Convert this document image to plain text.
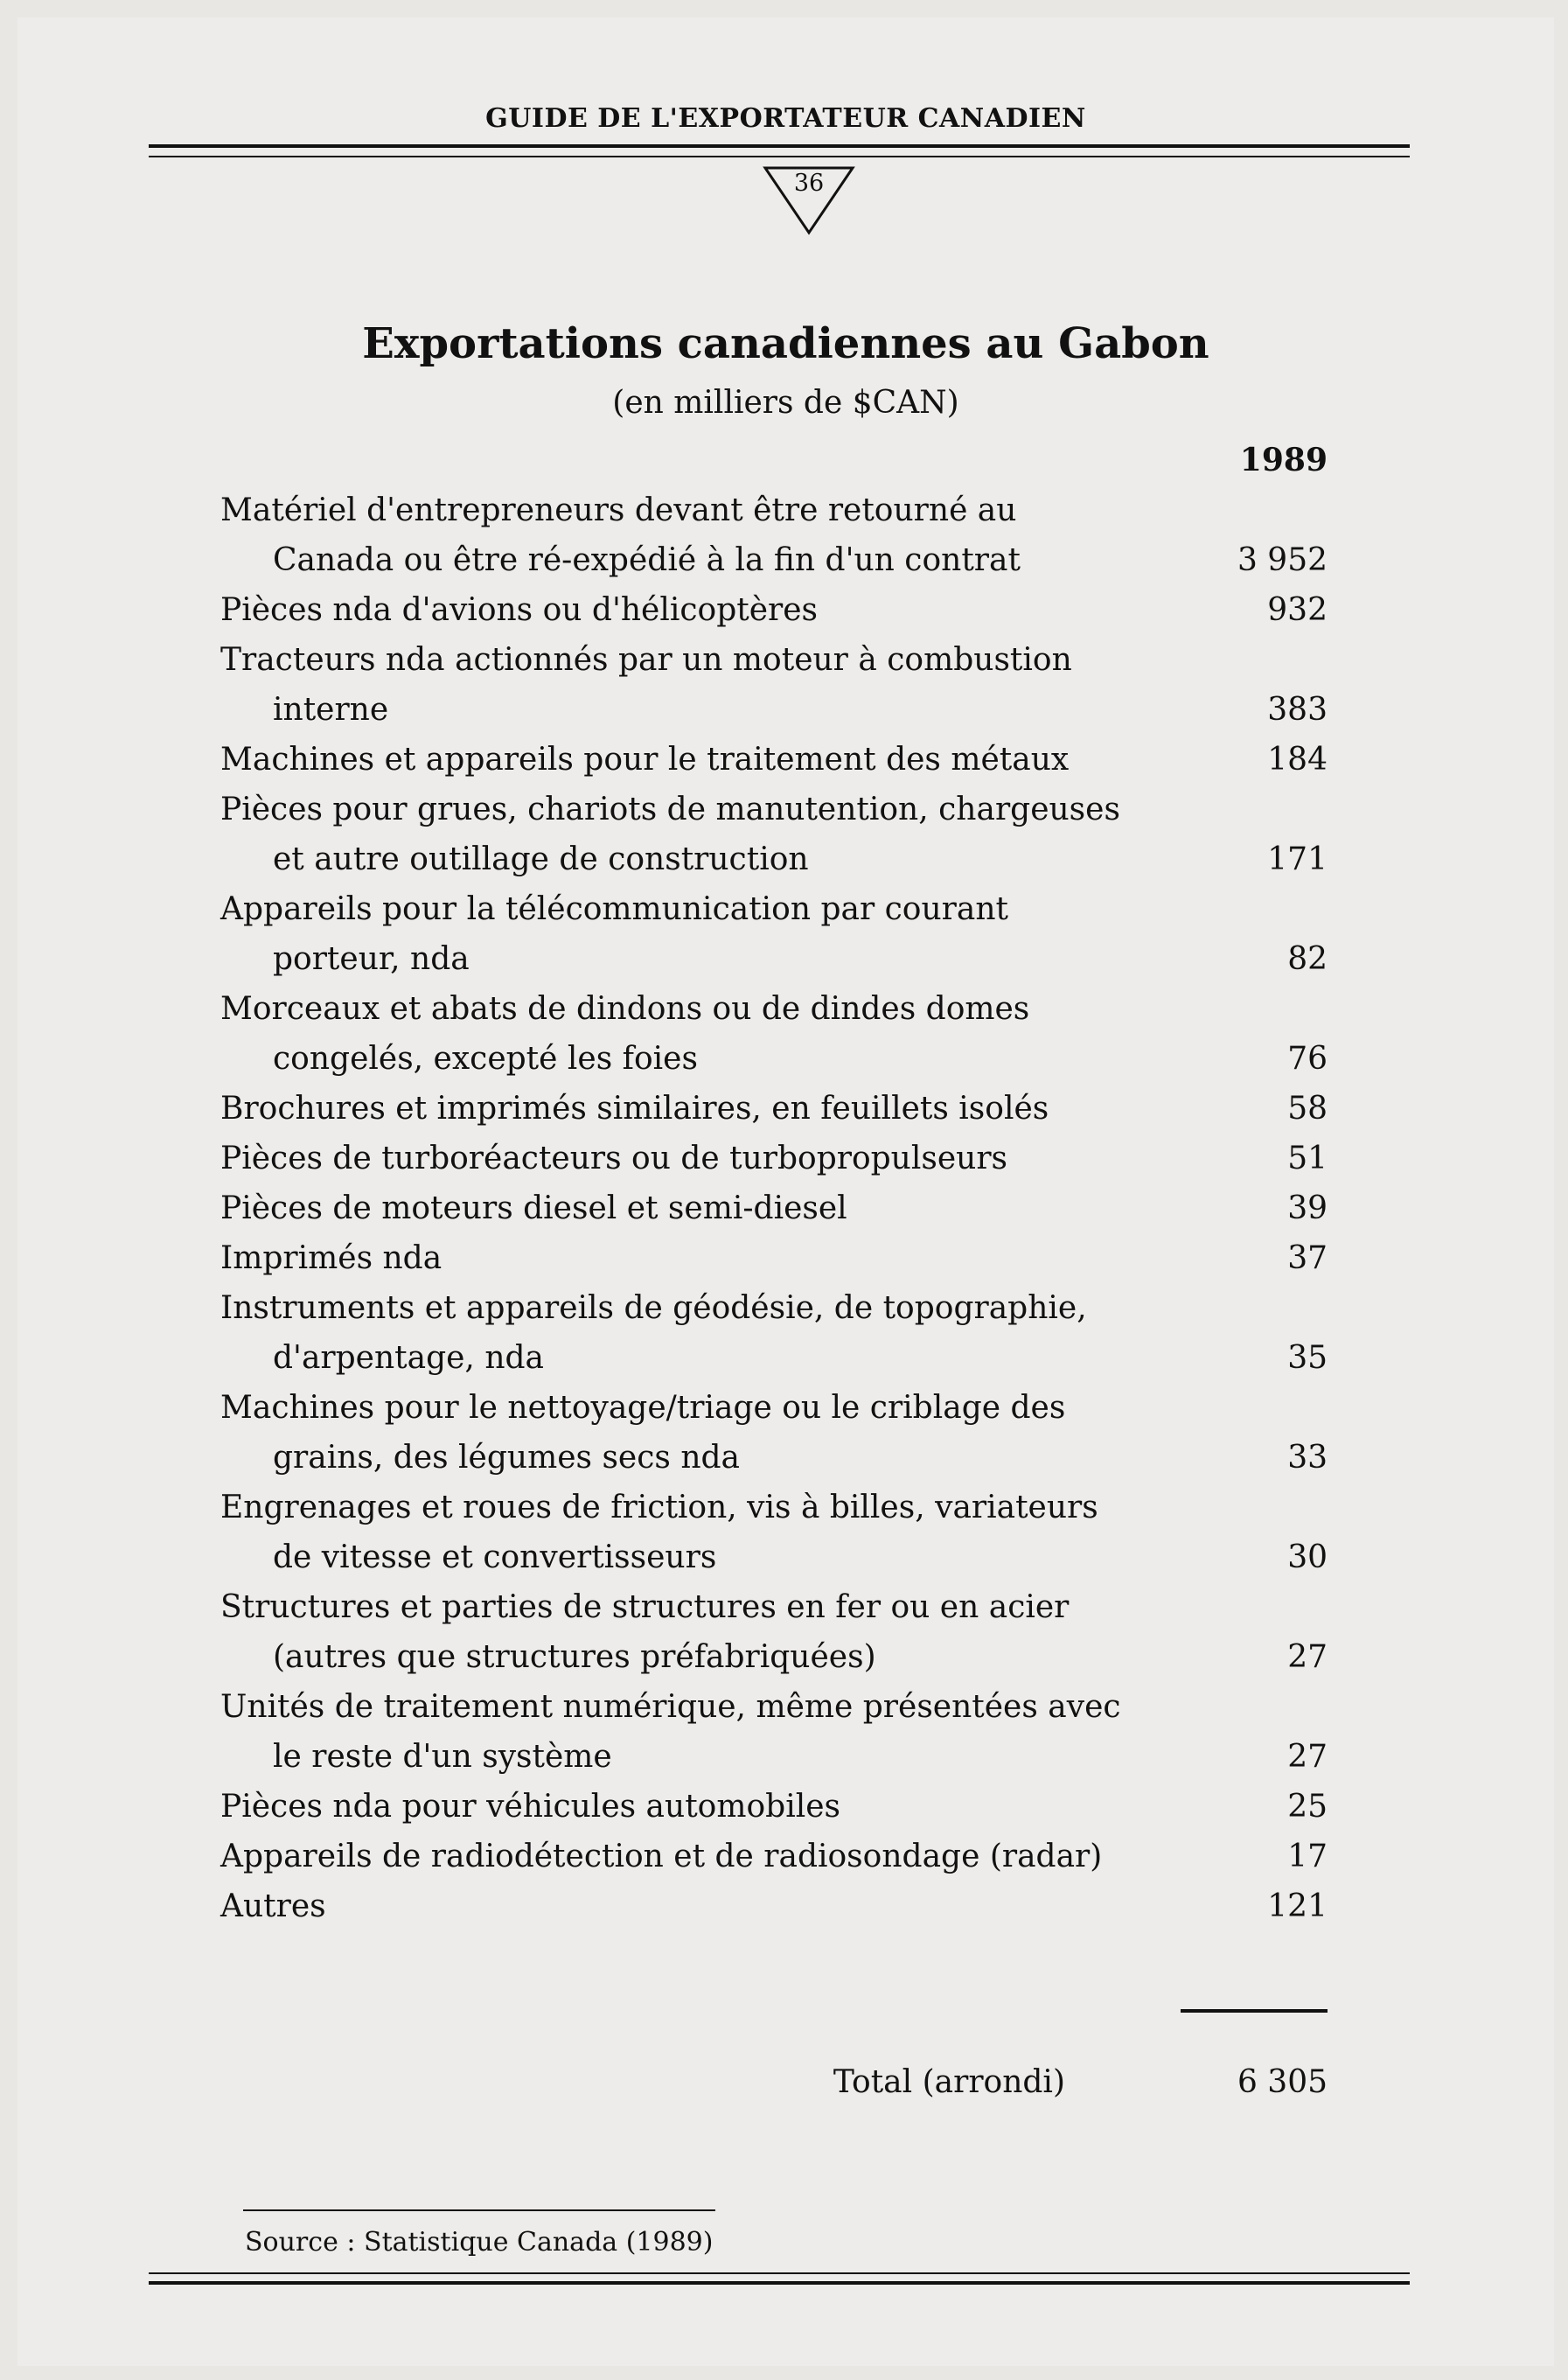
GUIDE DE L'EXPORTATEUR CANADIEN
36
Exportations canadiennes au Gabon
(en milliers de $CAN)
1989
Matériel d'entrepreneurs devant être retourné au
Canada ou être ré-expédié à la fin d'un contrat	3 952
Pièces nda d'avions ou d'hélicoptères	932
Tracteurs nda actionnés par un moteur à combustion
interne	383
Machines et appareils pour le traitement des métaux	184
Pièces pour grues, chariots de manutention, chargeuses
et autre outillage de construction	171
Appareils pour la télécommunication par courant
porteur, nda	82
Morceaux et abats de dindons ou de dindes domes
congelés, excepté les foies	76
Brochures et imprimés similaires, en feuillets isolés	58
Pièces de turboréacteurs ou de turbopropulseurs	51
Pièces de moteurs diesel et semi-diesel	39
Imprimés nda	37
Instruments et appareils de géodésie, de topographie,
d'arpentage, nda	35
Machines pour le nettoyage/triage ou le criblage des
grains, des légumes secs nda	33
Engrenages et roues de friction, vis à billes, variateurs
de vitesse et convertisseurs	30
Structures et parties de structures en fer ou en acier
(autres que structures préfabriquées)	27
Unités de traitement numérique, même présentées avec
le reste d'un système	27
Pièces nda pour véhicules automobiles	25
Appareils de radiodétection et de radiosondage (radar)	17
Autres	121
Total (arrondi)	6 305
Source : Statistique Canada (1989)
